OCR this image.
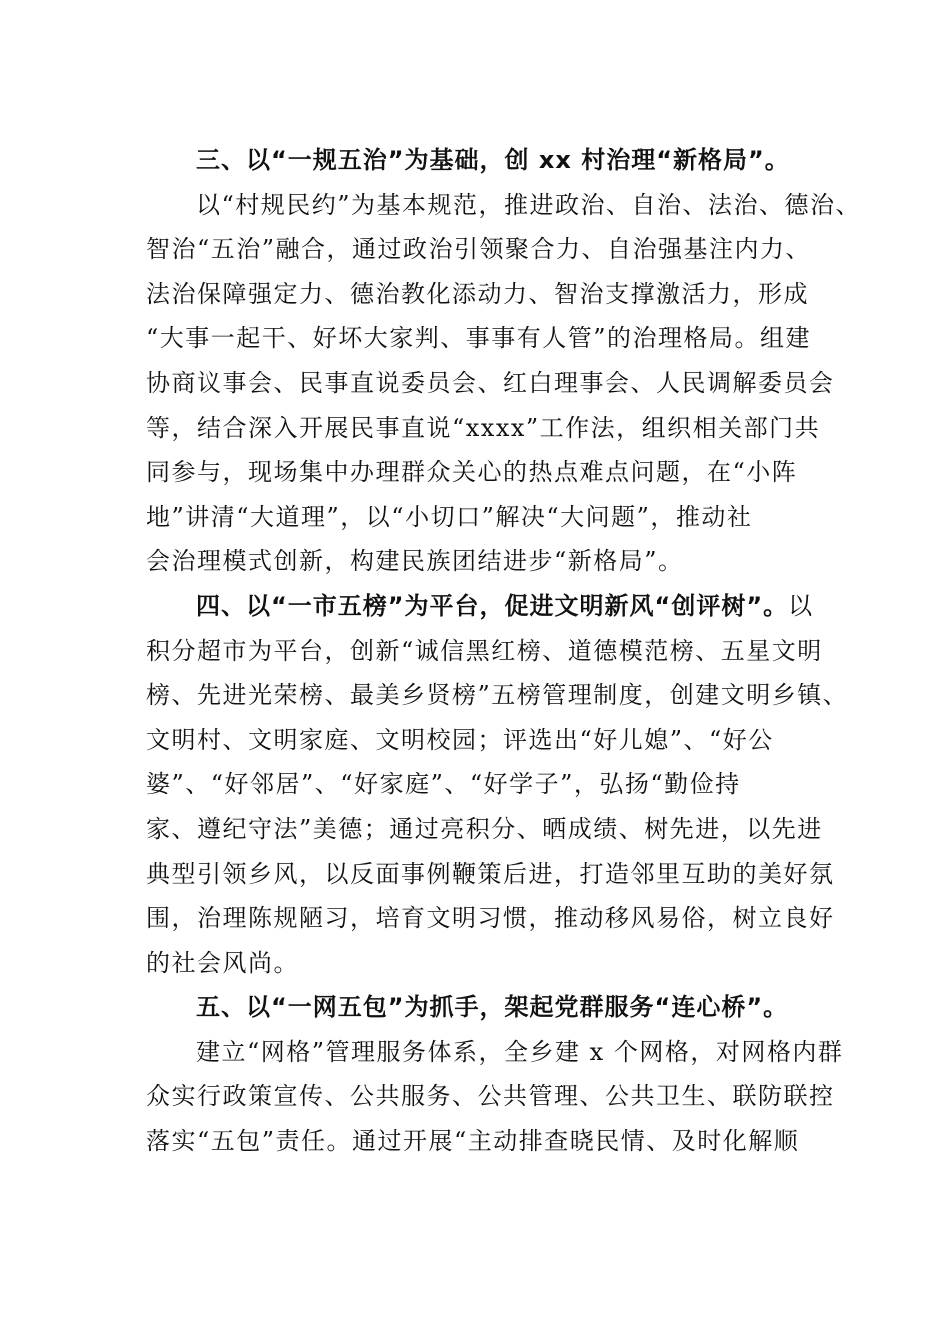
三、以“一规五治”为基础，创 xx 村治理“新格局”。
以“村规民约”为基本规范，推进政治、自治、法治、德治、
智治“五治”融合，通过政治引领聚合力、自治强基注内力、
法治保障强定力、德治教化添动力、智治支撑激活力，形成
“大事一起干、好坏大家判、事事有人管”的治理格局。组建
协商议事会、民事直说委员会、红白理事会、人民调解委员会
等，结合深入开展民事直说“xxxx”工作法，组织相关部门共
同参与，现场集中办理群众关心的热点难点问题，在“小阵
地”讲清“大道理”，以“小切口”解决“大问题”，推动社
会治理模式创新，构建民族团结进步“新格局”。
四、以“一市五榜”为平台，促进文明新风“创评树”。以
积分超市为平台，创新“诚信黑红榜、道德模范榜、五星文明
榜、先进光荣榜、最美乡贤榜”五榜管理制度，创建文明乡镇、
文明村、文明家庭、文明校园；评选出“好儿媳”、“好公
婆”、“好邻居”、“好家庭”、“好学子”，弘扬“勤俭持
家、遵纪守法”美德；通过亮积分、晒成绩、树先进，以先进
典型引领乡风，以反面事例鞭策后进，打造邻里互助的美好氛
围，治理陈规陋习，培育文明习惯，推动移风易俗，树立良好
的社会风尚。
五、以“一网五包”为抓手，架起党群服务“连心桥”。
建立“网格”管理服务体系，全乡建 x 个网格，对网格内群
众实行政策宣传、公共服务、公共管理、公共卫生、联防联控
落实“五包”责任。通过开展“主动排查晓民情、及时化解顺
